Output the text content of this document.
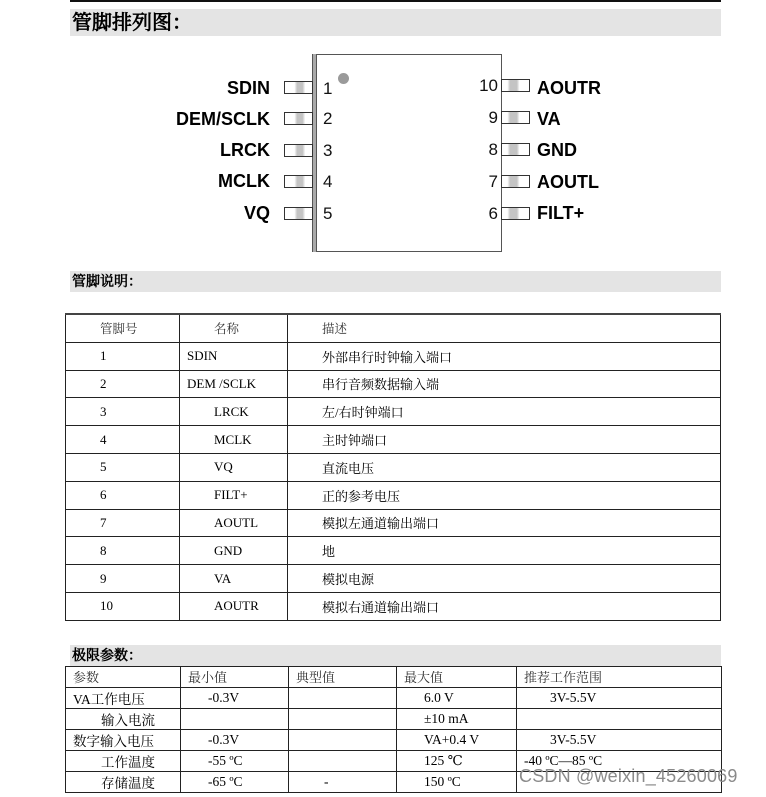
管脚排列图：
SDIN	1
DEM/SCLK	2
LRCK	3
MCLK	4
VQ	5
10 AOUTR
9 VA
8 GND
7 AOUTL
6 FILT+
管脚说明：
管脚号	名称	描述
1	SDIN	外部串行时钟输入端口
2	DEM /SCLK	串行音频数据输入端
3	LRCK	左/右时钟端口
4	MCLK	主时钟端口
5	VQ	直流电压
6	FILT+	正的参考电压
7	AOUTL	模拟左通道输出端口
8	GND	地
9	VA	模拟电源
10	AOUTR	模拟右通道输出端口
极限参数：
参数	最小值	典型值	最大值	推荐工作范围
VA工作电压	-0.3V		6.0 V	3V-5.5V
输入电流			±10 mA	
数字输入电压	-0.3V		VA+0.4 V	3V-5.5V
工作温度	-55 ºC		125 ℃	-40 ºC—85 ºC
存储温度	-65 ºC	-	150 ºC		CSDN @weixin_45260069
